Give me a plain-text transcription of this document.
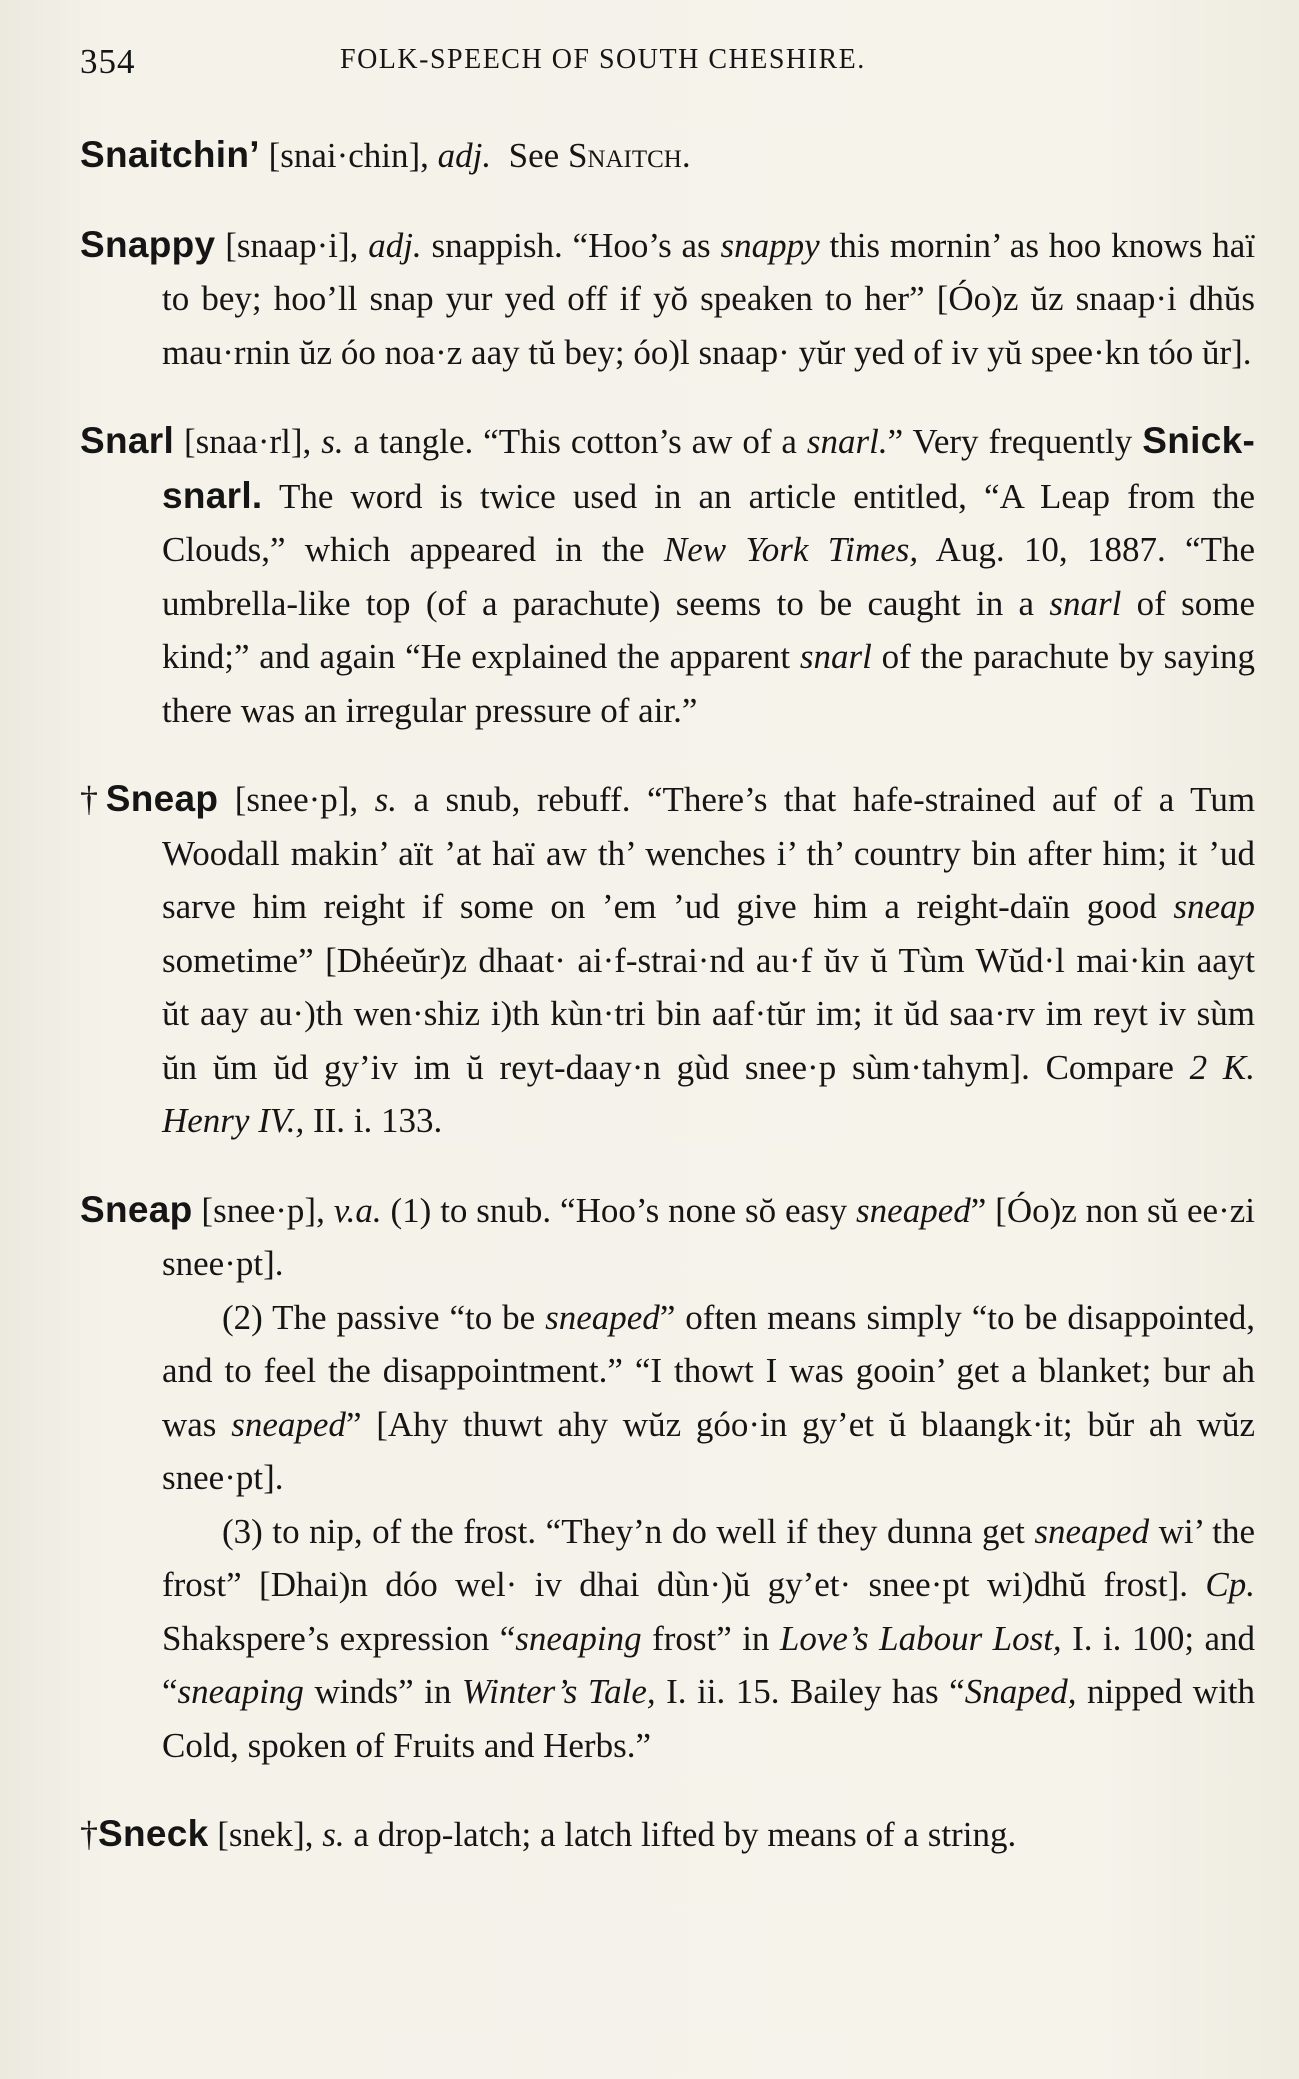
354	FOLK-SPEECH OF SOUTH CHESHIRE.

Snaitchin’ [snai·chin], adj. See Snaitch.

Snappy [snaap·i], adj. snappish. “Hoo’s as snappy this mornin’ as hoo knows haï to bey; hoo’ll snap yur yed off if yŏ speaken to her” [Óo)z ŭz snaap·i dhŭs mau·rnin ŭz óo noa·z aay tŭ bey; óo)l snaap· yŭr yed of iv yŭ spee·kn tóo ŭr].

Snarl [snaa·rl], s. a tangle. “This cotton’s aw of a snarl.” Very frequently Snick-snarl. The word is twice used in an article entitled, “A Leap from the Clouds,” which appeared in the New York Times, Aug. 10, 1887. “The umbrella-like top (of a parachute) seems to be caught in a snarl of some kind;” and again “He explained the apparent snarl of the parachute by saying there was an irregular pressure of air.”

†Sneap [snee·p], s. a snub, rebuff. “There’s that hafe-strained auf of a Tum Woodall makin’ aït ’at haï aw th’ wenches i’ th’ country bin after him; it ’ud sarve him reight if some on ’em ’ud give him a reight-daïn good sneap sometime” [Dhéeŭr)z dhaat· ai·f-strai·nd au·f ŭv ŭ Tùm Wŭd·l mai·kin aayt ŭt aay au·)th wen·shiz i)th kùn·tri bin aaf·tŭr im; it ŭd saa·rv im reyt iv sùm ŭn ŭm ŭd gy’iv im ŭ reyt-daay·n gùd snee·p sùm·tahym]. Compare 2 K. Henry IV., II. i. 133.

Sneap [snee·p], v.a. (1) to snub. “Hoo’s none sŏ easy sneaped” [Óo)z non sŭ ee·zi snee·pt].

(2) The passive “to be sneaped” often means simply “to be disappointed, and to feel the disappointment.” “I thowt I was gooin’ get a blanket; bur ah was sneaped” [Ahy thuwt ahy wŭz góo·in gy’et ŭ blaangk·it; bŭr ah wŭz snee·pt].

(3) to nip, of the frost. “They’n do well if they dunna get sneaped wi’ the frost” [Dhai)n dóo wel· iv dhai dùn·)ŭ gy’et· snee·pt wi)dhŭ frost]. Cp. Shakspere’s expression “sneaping frost” in Love’s Labour Lost, I. i. 100; and “sneaping winds” in Winter’s Tale, I. ii. 15. Bailey has “Snaped, nipped with Cold, spoken of Fruits and Herbs.”

†Sneck [snek], s. a drop-latch; a latch lifted by means of a string.
